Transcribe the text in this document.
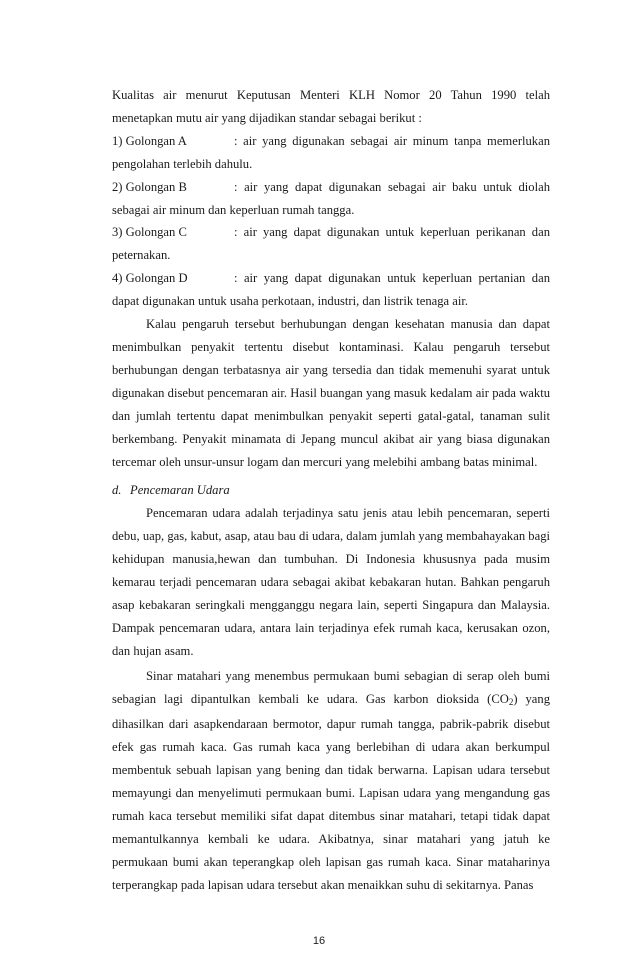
Kualitas air menurut Keputusan Menteri KLH Nomor 20 Tahun 1990 telah menetapkan mutu air yang dijadikan standar sebagai berikut :

1) Golongan A	: air yang digunakan sebagai air minum tanpa memerlukan pengolahan terlebih dahulu.

2) Golongan B	: air yang dapat digunakan sebagai air baku untuk diolah sebagai air minum dan keperluan rumah tangga.

3) Golongan C	: air yang dapat digunakan untuk keperluan perikanan dan peternakan.

4) Golongan D	: air yang dapat digunakan untuk keperluan pertanian dan dapat digunakan untuk usaha perkotaan, industri, dan listrik tenaga air.

Kalau pengaruh tersebut berhubungan dengan kesehatan manusia dan dapat menimbulkan penyakit tertentu disebut kontaminasi. Kalau pengaruh tersebut berhubungan dengan terbatasnya air yang tersedia dan tidak memenuhi syarat untuk digunakan disebut pencemaran air. Hasil buangan yang masuk kedalam air pada waktu dan jumlah tertentu dapat menimbulkan penyakit seperti gatal-gatal, tanaman sulit berkembang. Penyakit minamata di Jepang muncul akibat air yang biasa digunakan tercemar oleh unsur-unsur logam dan mercuri yang melebihi ambang batas minimal.

d. Pencemaran Udara

Pencemaran udara adalah terjadinya satu jenis atau lebih pencemaran, seperti debu, uap, gas, kabut, asap, atau bau di udara, dalam jumlah yang membahayakan bagi kehidupan manusia,hewan dan tumbuhan. Di Indonesia khususnya pada musim kemarau terjadi pencemaran udara sebagai akibat kebakaran hutan. Bahkan pengaruh asap kebakaran seringkali mengganggu negara lain, seperti Singapura dan Malaysia. Dampak pencemaran udara, antara lain terjadinya efek rumah kaca, kerusakan ozon, dan hujan asam.

Sinar matahari yang menembus permukaan bumi sebagian di serap oleh bumi sebagian lagi dipantulkan kembali ke udara. Gas karbon dioksida $(CO_2)$ yang dihasilkan dari asapkendaraan bermotor, dapur rumah tangga, pabrik-pabrik disebut efek gas rumah kaca. Gas rumah kaca yang berlebihan di udara akan berkumpul membentuk sebuah lapisan yang bening dan tidak berwarna. Lapisan udara tersebut memayungi dan menyelimuti permukaan bumi. Lapisan udara yang mengandung gas rumah kaca tersebut memiliki sifat dapat ditembus sinar matahari, tetapi tidak dapat memantulkannya kembali ke udara. Akibatnya, sinar matahari yang jatuh ke permukaan bumi akan teperangkap oleh lapisan gas rumah kaca. Sinar mataharinya terperangkap pada lapisan udara tersebut akan menaikkan suhu di sekitarnya. Panas

16
